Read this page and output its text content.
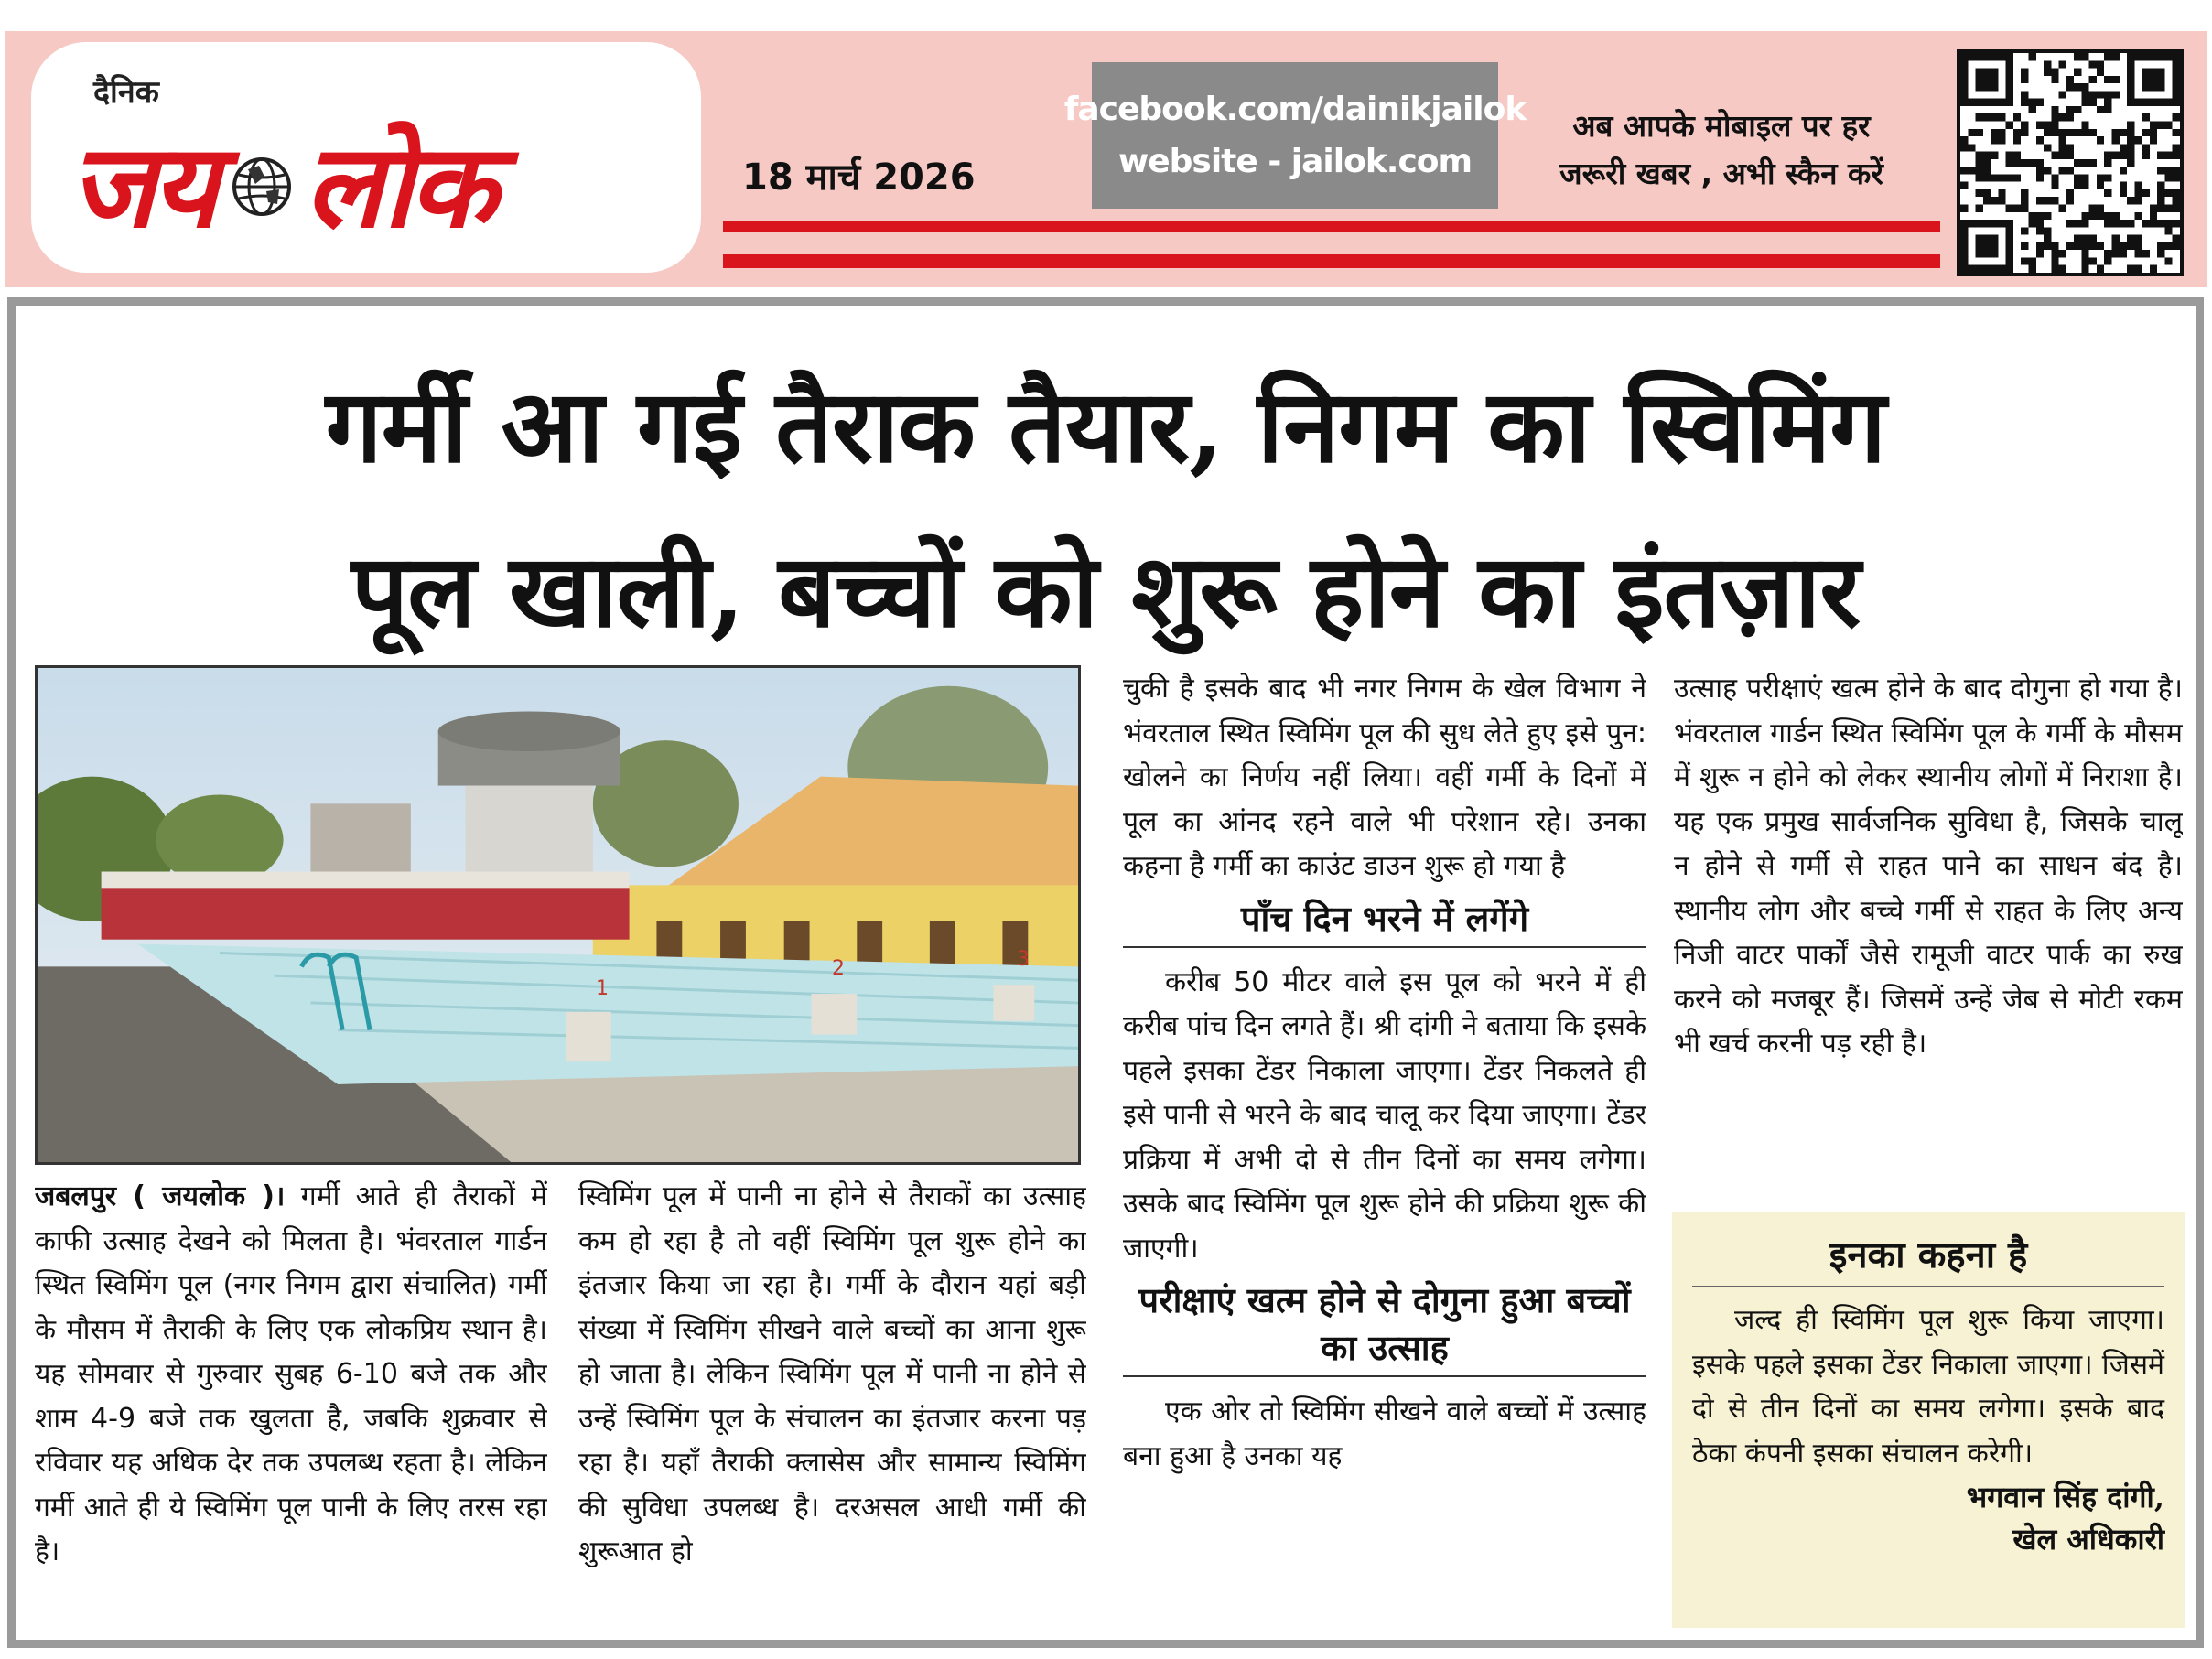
दैनिक
जय लोक	18 मार्च 2026
facebook.com/dainikjailok
website - jailok.com
अब आपके मोबाइल पर हर
जरूरी खबर , अभी स्कैन करें
गर्मी आ गई तैराक तैयार, निगम का स्विमिंग
पूल खाली, बच्चों को शुरू होने का इंतज़ार
1
2	3

जबलपुर ( जयलोक )। गर्मी आते ही तैराकों में काफी उत्साह देखने को मिलता है। भंवरताल गार्डन स्थित स्विमिंग पूल (नगर निगम द्वारा संचालित) गर्मी के मौसम में तैराकी के लिए एक लोकप्रिय स्थान है। यह सोमवार से गुरुवार सुबह 6-10 बजे तक और शाम 4-9 बजे तक खुलता है, जबकि शुक्रवार से रविवार यह अधिक देर तक उपलब्ध रहता है। लेकिन गर्मी आते ही ये स्विमिंग पूल पानी के लिए तरस रहा है।

स्विमिंग पूल में पानी ना होने से तैराकों का उत्साह कम हो रहा है तो वहीं स्विमिंग पूल शुरू होने का इंतजार किया जा रहा है। गर्मी के दौरान यहां बड़ी संख्या में स्विमिंग सीखने वाले बच्चों का आना शुरू हो जाता है। लेकिन स्विमिंग पूल में पानी ना होने से उन्हें स्विमिंग पूल के संचालन का इंतजार करना पड़ रहा है। यहाँ तैराकी क्लासेस और सामान्य स्विमिंग की सुविधा उपलब्ध है। दरअसल आधी गर्मी की शुरूआत हो

चुकी है इसके बाद भी नगर निगम के खेल विभाग ने भंवरताल स्थित स्विमिंग पूल की सुध लेते हुए इसे पुन: खोलने का निर्णय नहीं लिया। वहीं गर्मी के दिनों में पूल का आंनद रहने वाले भी परेशान रहे। उनका कहना है गर्मी का काउंट डाउन शुरू हो गया है

पाँच दिन भरने में लगेंगे

करीब 50 मीटर वाले इस पूल को भरने में ही करीब पांच दिन लगते हैं। श्री दांगी ने बताया कि इसके पहले इसका टेंडर निकाला जाएगा। टेंडर निकलते ही इसे पानी से भरने के बाद चालू कर दिया जाएगा। टेंडर प्रक्रिया में अभी दो से तीन दिनों का समय लगेगा। उसके बाद स्विमिंग पूल शुरू होने की प्रक्रिया शुरू की जाएगी।

परीक्षाएं खत्म होने से दोगुना हुआ बच्चों का उत्साह

एक ओर तो स्विमिंग सीखने वाले बच्चों में उत्साह बना हुआ है उनका यह

उत्साह परीक्षाएं खत्म होने के बाद दोगुना हो गया है। भंवरताल गार्डन स्थित स्विमिंग पूल के गर्मी के मौसम में शुरू न होने को लेकर स्थानीय लोगों में निराशा है। यह एक प्रमुख सार्वजनिक सुविधा है, जिसके चालू न होने से गर्मी से राहत पाने का साधन बंद है। स्थानीय लोग और बच्चे गर्मी से राहत के लिए अन्य निजी वाटर पार्कों जैसे रामूजी वाटर पार्क का रुख करने को मजबूर हैं। जिसमें उन्हें जेब से मोटी रकम भी खर्च करनी पड़ रही है।

इनका कहना है

जल्द ही स्विमिंग पूल शुरू किया जाएगा। इसके पहले इसका टेंडर निकाला जाएगा। जिसमें दो से तीन दिनों का समय लगेगा। इसके बाद ठेका कंपनी इसका संचालन करेगी।

भगवान सिंह दांगी,
खेल अधिकारी
